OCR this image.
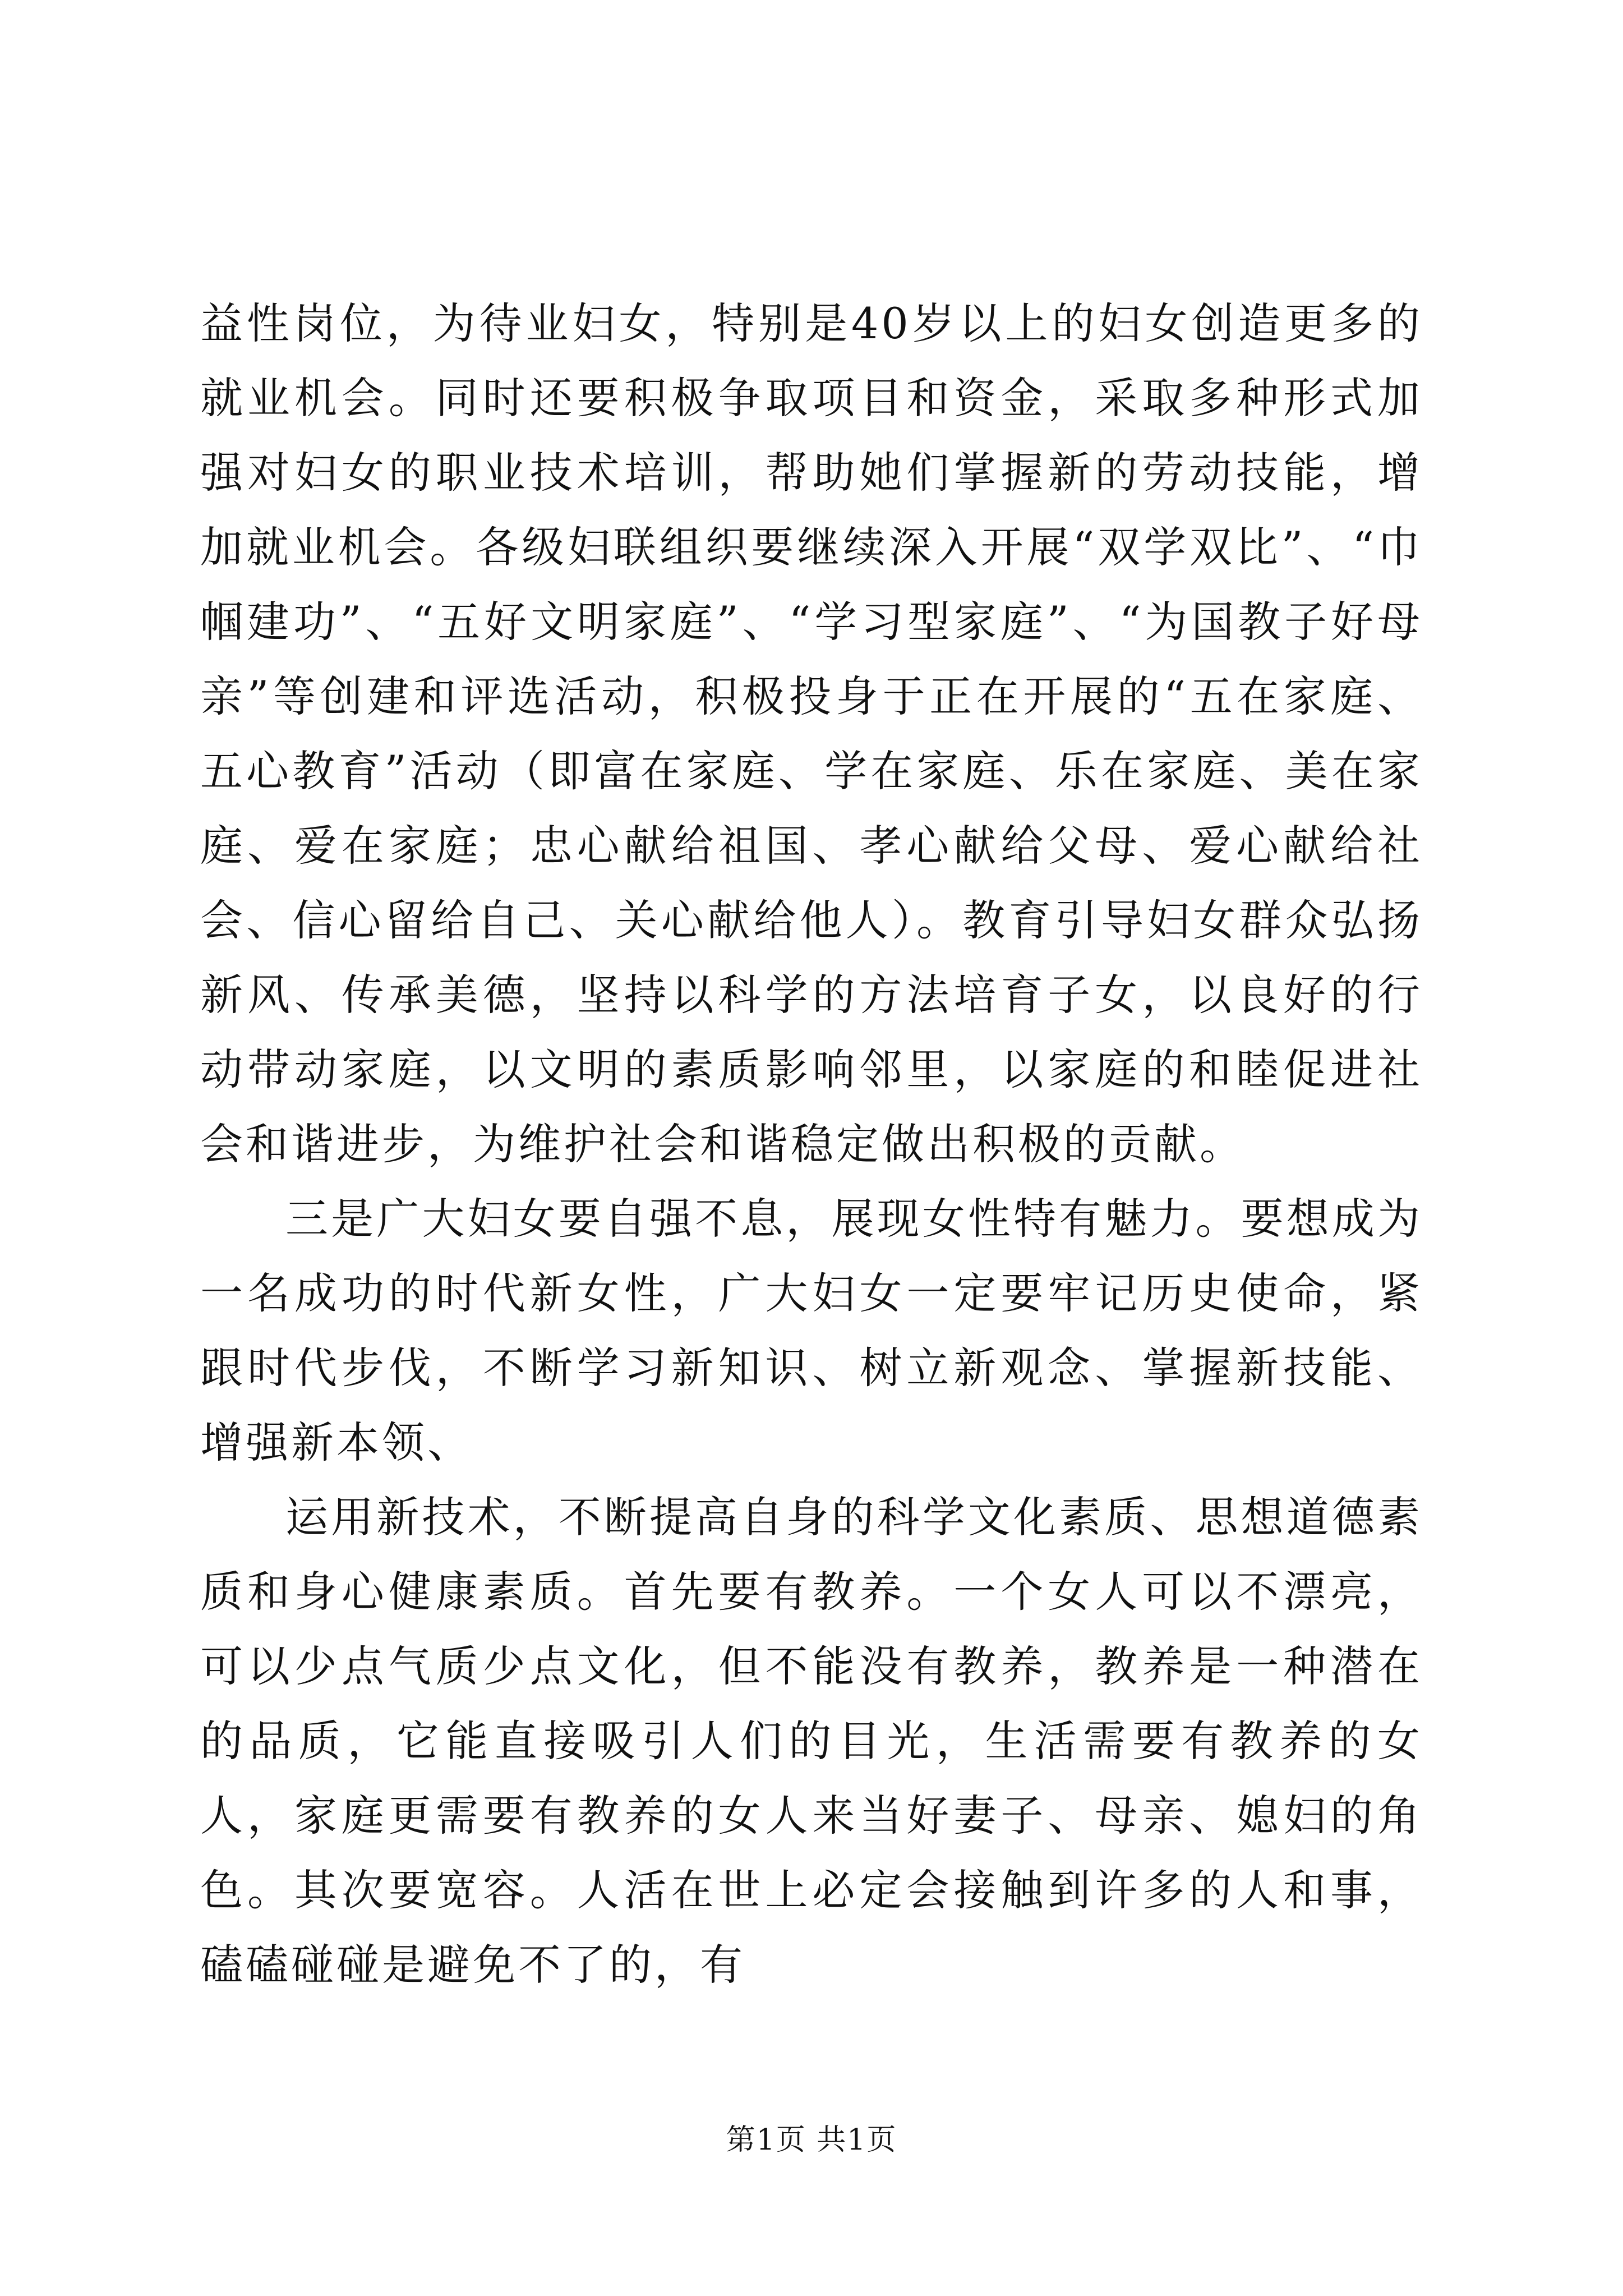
益性岗位，为待业妇女，特别是40岁以上的妇女创造更多的就业机会。同时还要积极争取项目和资金，采取多种形式加强对妇女的职业技术培训，帮助她们掌握新的劳动技能，增加就业机会。各级妇联组织要继续深入开展“双学双比”、“巾帼建功”、“五好文明家庭”、“学习型家庭”、“为国教子好母亲”等创建和评选活动，积极投身于正在开展的“五在家庭、五心教育”活动（即富在家庭、学在家庭、乐在家庭、美在家庭、爱在家庭；忠心献给祖国、孝心献给父母、爱心献给社会、信心留给自己、关心献给他人）。教育引导妇女群众弘扬新风、传承美德，坚持以科学的方法培育子女，以良好的行动带动家庭，以文明的素质影响邻里，以家庭的和睦促进社会和谐进步，为维护社会和谐稳定做出积极的贡献。

三是广大妇女要自强不息，展现女性特有魅力。要想成为一名成功的时代新女性，广大妇女一定要牢记历史使命，紧跟时代步伐，不断学习新知识、树立新观念、掌握新技能、增强新本领、

运用新技术，不断提高自身的科学文化素质、思想道德素质和身心健康素质。首先要有教养。一个女人可以不漂亮，可以少点气质少点文化，但不能没有教养，教养是一种潜在的品质，它能直接吸引人们的目光，生活需要有教养的女人，家庭更需要有教养的女人来当好妻子、母亲、媳妇的角色。其次要宽容。人活在世上必定会接触到许多的人和事，磕磕碰碰是避免不了的，有

第1页 共1页
